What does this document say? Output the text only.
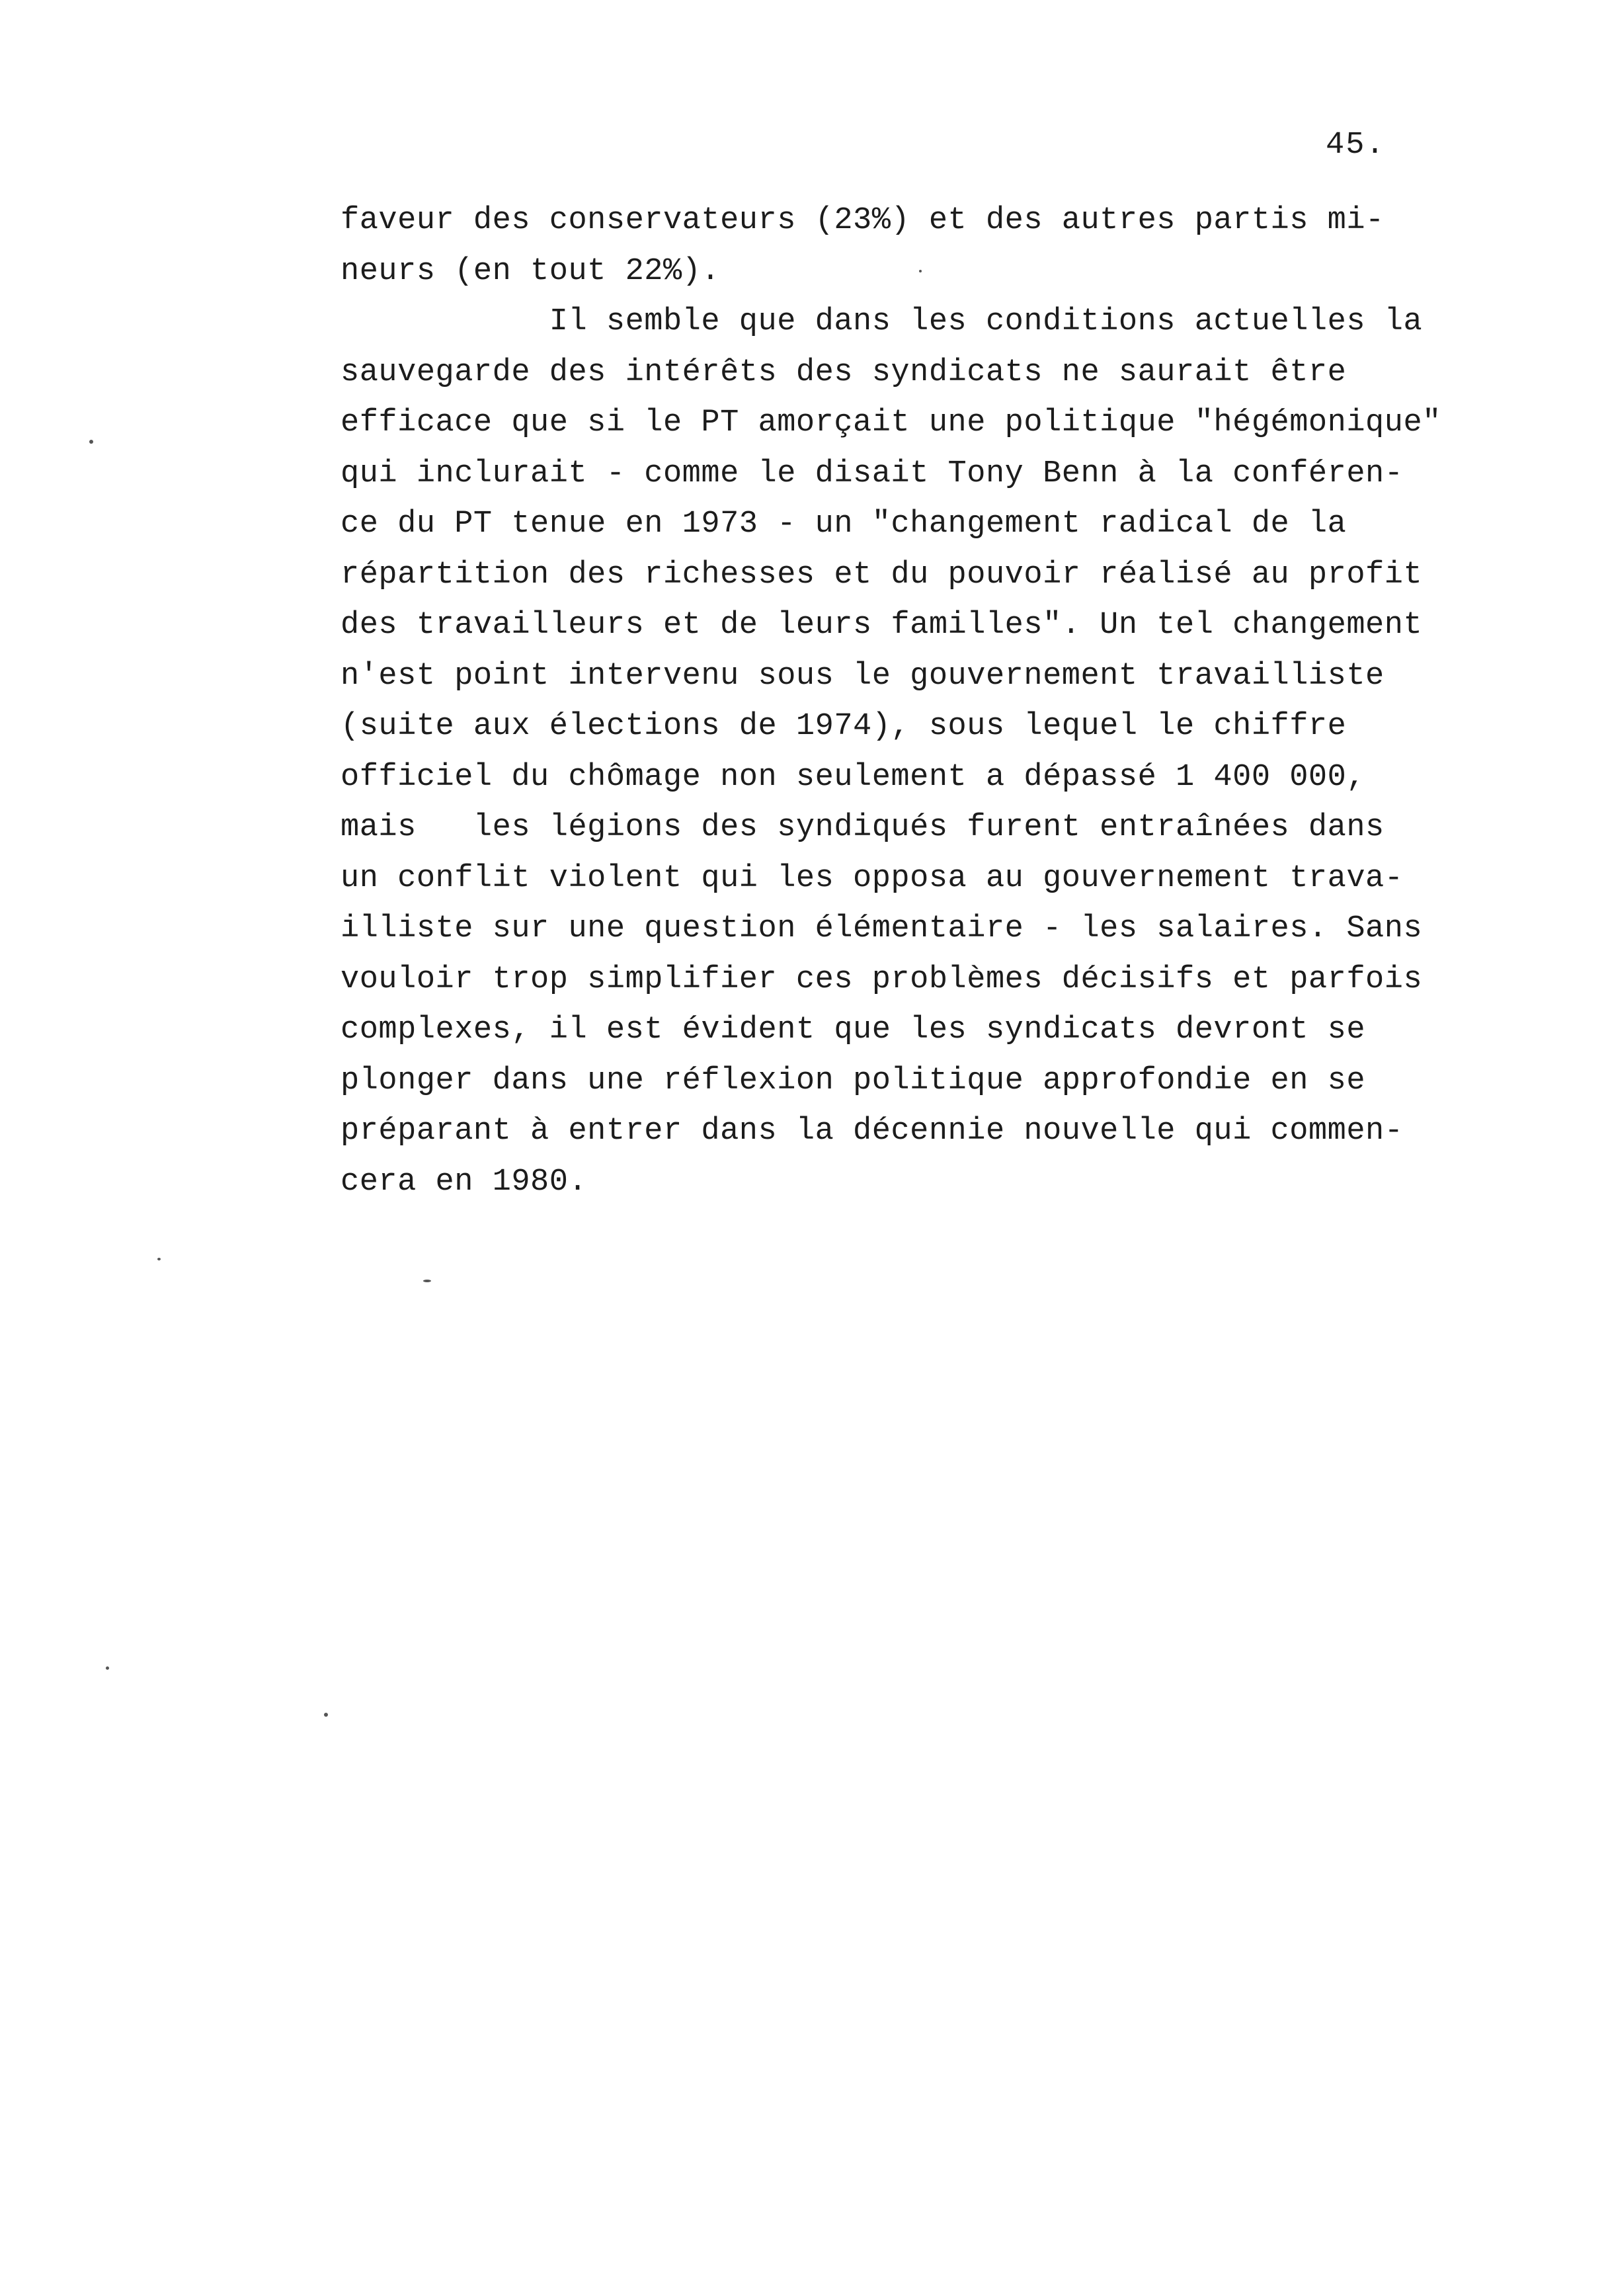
45.
faveur des conservateurs (23%) et des autres partis mi-
neurs (en tout 22%).
Il semble que dans les conditions actuelles la
sauvegarde des intérêts des syndicats ne saurait être
efficace que si le PT amorçait une politique "hégémonique"
qui inclurait - comme le disait Tony Benn à la conféren-
ce du PT tenue en 1973 - un "changement radical de la
répartition des richesses et du pouvoir réalisé au profit
des travailleurs et de leurs familles". Un tel changement
n'est point intervenu sous le gouvernement travailliste
(suite aux élections de 1974), sous lequel le chiffre
officiel du chômage non seulement a dépassé 1 400 000,
mais   les légions des syndiqués furent entraînées dans
un conflit violent qui les opposa au gouvernement trava-
illiste sur une question élémentaire - les salaires. Sans
vouloir trop simplifier ces problèmes décisifs et parfois
complexes, il est évident que les syndicats devront se
plonger dans une réflexion politique approfondie en se
préparant à entrer dans la décennie nouvelle qui commen-
cera en 1980.
